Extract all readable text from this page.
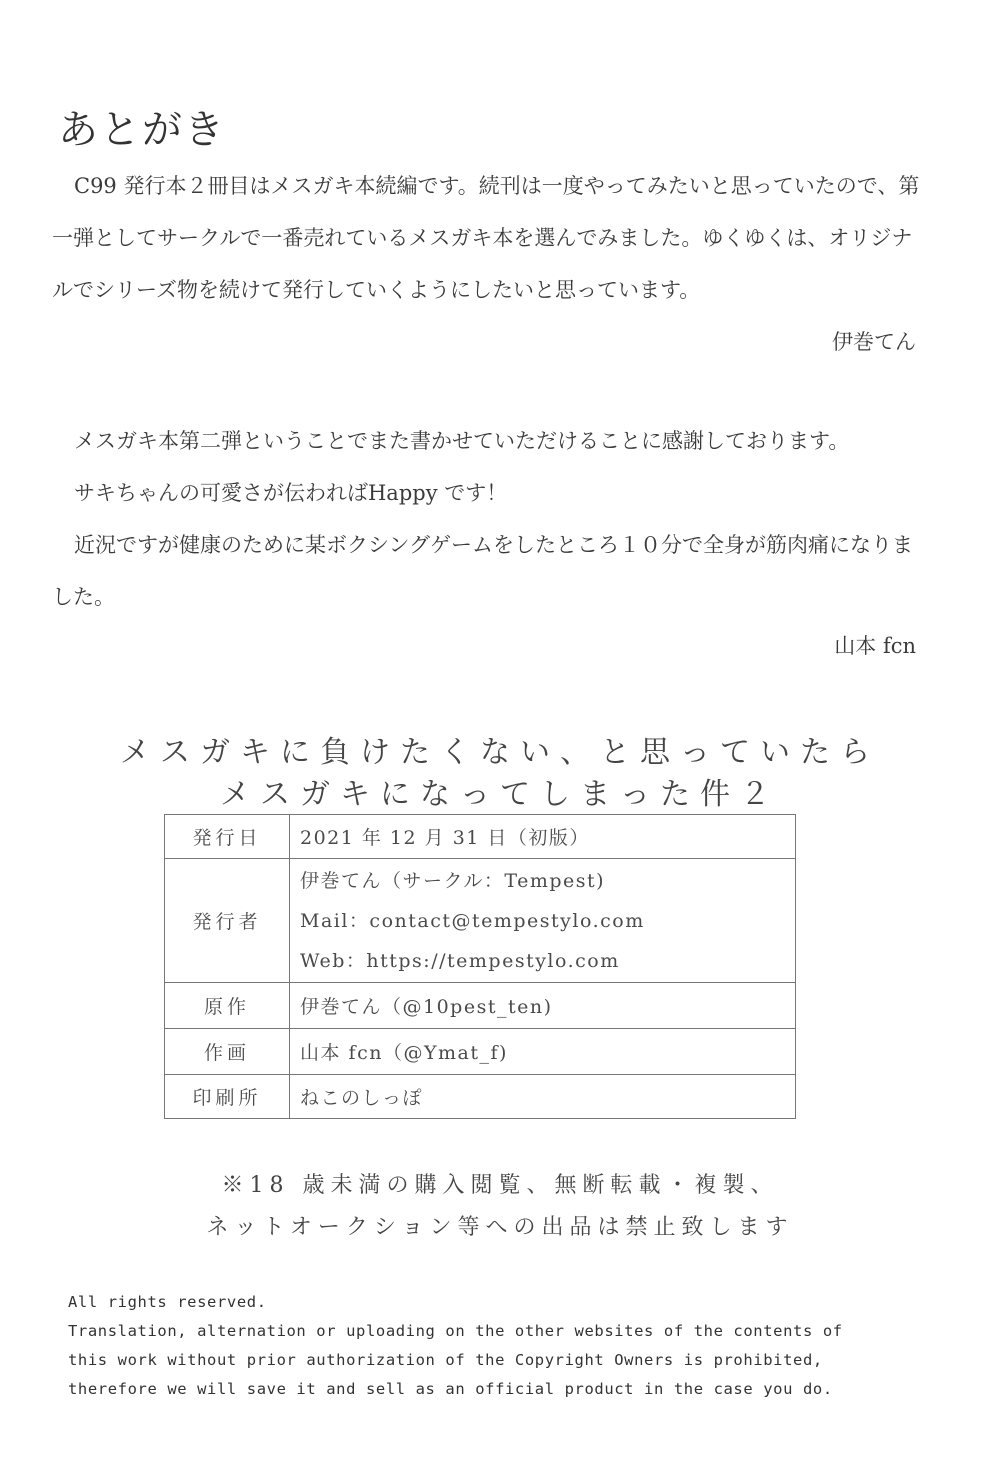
あとがき

C99 発行本２冊目はメスガキ本続編です。続刊は一度やってみたいと思っていたので、第一弾としてサークルで一番売れているメスガキ本を選んでみました。ゆくゆくは、オリジナルでシリーズ物を続けて発行していくようにしたいと思っています。

伊巻てん

メスガキ本第二弾ということでまた書かせていただけることに感謝しております。

サキちゃんの可愛さが伝わればHappy です！

近況ですが健康のために某ボクシングゲームをしたところ１０分で全身が筋肉痛になりました。

山本 fcn
メスガキに負けたくない、と思っていたら
メスガキになってしまった件２
発行日	2021 年 12 月 31 日（初版）
発行者	伊巻てん（サークル：Tempest)
Mail：contact@tempestylo.com
Web：https://tempestylo.com

原作	伊巻てん（@10pest_ten)
作画	山本 fcn（@Ymat_f)
印刷所	ねこのしっぽ
※18 歳未満の購入閲覧、無断転載・複製、
ネットオークション等への出品は禁止致します
All rights reserved.
Translation, alternation or uploading on the other websites of the contents of
this work without prior authorization of the Copyright Owners is prohibited,
therefore we will save it and sell as an official product in the case you do.
